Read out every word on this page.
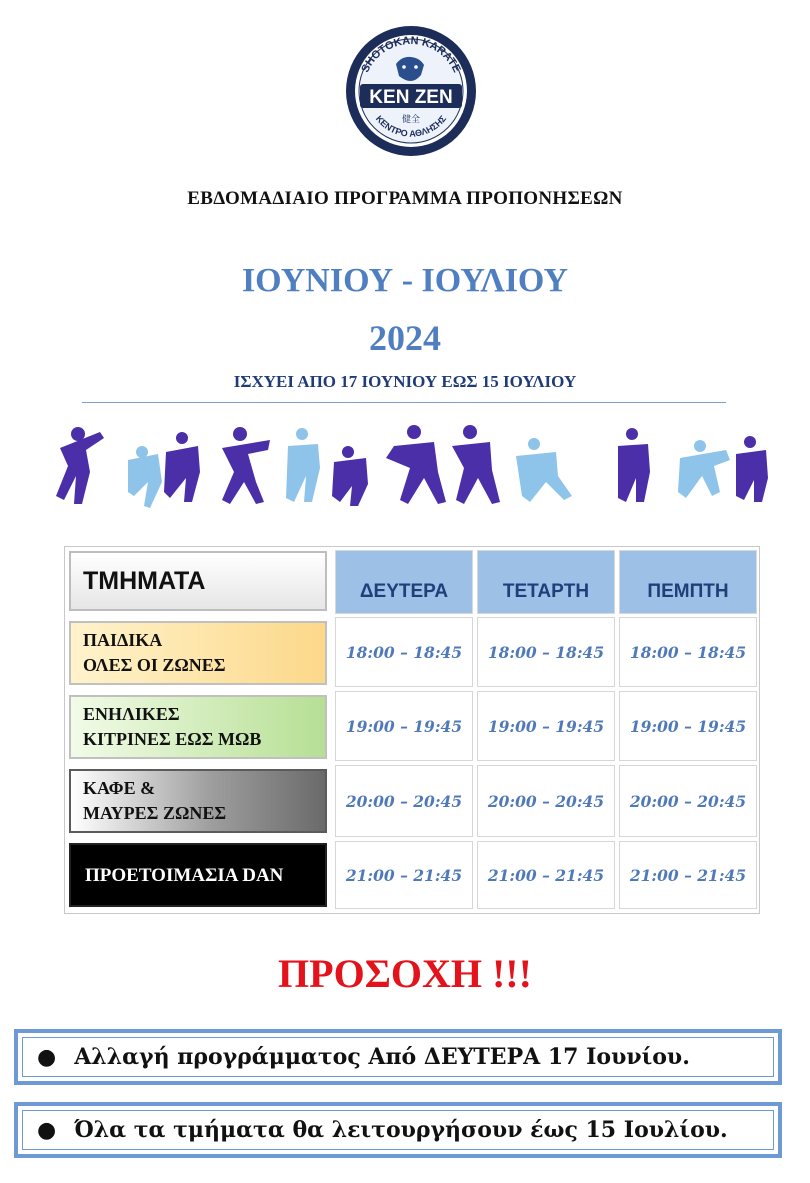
SHOTOKAN KARATE
KEN ZEN
健全
ΚΕΝΤΡΟ ΑΘΛΗΣΗΣ
ΕΒΔΟΜΑΔΙΑΙΟ ΠΡΟΓΡΑΜΜΑ ΠΡΟΠΟΝΗΣΕΩΝ
ΙΟΥΝΙΟΥ - ΙΟΥΛΙΟΥ
2024
ΙΣΧΥΕΙ ΑΠΟ 17 ΙΟΥΝΙΟΥ ΕΩΣ 15 ΙΟΥΛΙΟΥ
ΤΜΗΜΑΤΑ	ΔΕΥΤΕΡΑ	ΤΕΤΑΡΤΗ	ΠΕΜΠΤΗ
ΠΑΙΔΙΚΑ
ΟΛΕΣ ΟΙ ΖΩΝΕΣ
18:00 – 18:45	18:00 – 18:45	18:00 – 18:45
ΕΝΗΛΙΚΕΣ
ΚΙΤΡΙΝΕΣ ΕΩΣ ΜΩΒ
19:00 – 19:45	19:00 – 19:45	19:00 – 19:45
ΚΑΦΕ &
ΜΑΥΡΕΣ ΖΩΝΕΣ
20:00 – 20:45	20:00 – 20:45	20:00 – 20:45
ΠΡΟΕΤΟΙΜΑΣΙΑ DAN	21:00 – 21:45	21:00 – 21:45	21:00 – 21:45
ΠΡΟΣΟΧΗ !!!
● Αλλαγή προγράμματος Από ΔΕΥΤΕΡΑ 17 Ιουνίου.
● Όλα τα τμήματα θα λειτουργήσουν έως 15 Ιουλίου.
